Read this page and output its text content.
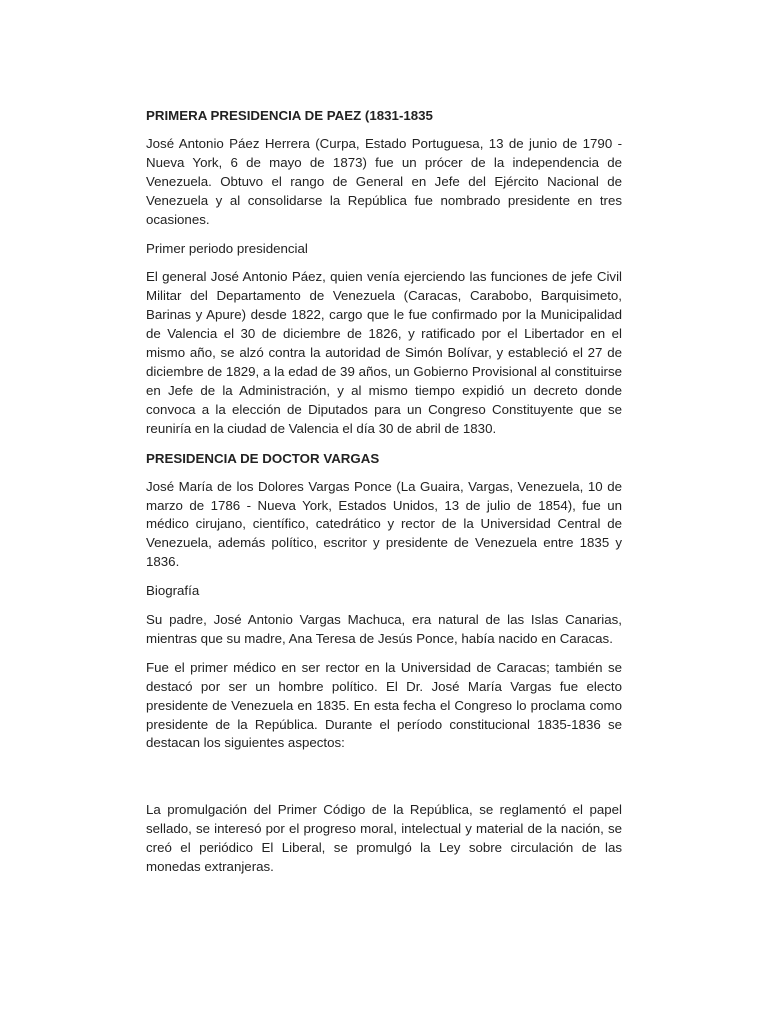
PRIMERA PRESIDENCIA DE PAEZ (1831-1835
José Antonio Páez Herrera (Curpa, Estado Portuguesa, 13 de junio de 1790 - Nueva York, 6 de mayo de 1873) fue un prócer de la independencia de Venezuela. Obtuvo el rango de General en Jefe del Ejército Nacional de Venezuela y al consolidarse la República fue nombrado presidente en tres ocasiones.
Primer periodo presidencial
El general José Antonio Páez, quien venía ejerciendo las funciones de jefe Civil Militar del Departamento de Venezuela (Caracas, Carabobo, Barquisimeto, Barinas y Apure) desde 1822, cargo que le fue confirmado por la Municipalidad de Valencia el 30 de diciembre de 1826, y ratificado por el Libertador en el mismo año, se alzó contra la autoridad de Simón Bolívar, y estableció el 27 de diciembre de 1829, a la edad de 39 años, un Gobierno Provisional al constituirse en Jefe de la Administración, y al mismo tiempo expidió un decreto donde convoca a la elección de Diputados para un Congreso Constituyente que se reuniría en la ciudad de Valencia el día 30 de abril de 1830.
PRESIDENCIA DE DOCTOR VARGAS
José María de los Dolores Vargas Ponce (La Guaira, Vargas, Venezuela, 10 de marzo de 1786 - Nueva York, Estados Unidos, 13 de julio de 1854), fue un médico cirujano, científico, catedrático y rector de la Universidad Central de Venezuela, además político, escritor y presidente de Venezuela entre 1835 y 1836.
Biografía
Su padre, José Antonio Vargas Machuca, era natural de las Islas Canarias, mientras que su madre, Ana Teresa de Jesús Ponce, había nacido en Caracas.
Fue el primer médico en ser rector en la Universidad de Caracas; también se destacó por ser un hombre político. El Dr. José María Vargas fue electo presidente de Venezuela en 1835. En esta fecha el Congreso lo proclama como presidente de la República. Durante el período constitucional 1835-1836 se destacan los siguientes aspectos:
La promulgación del Primer Código de la República, se reglamentó el papel sellado, se interesó por el progreso moral, intelectual y material de la nación, se creó el periódico El Liberal, se promulgó la Ley sobre circulación de las monedas extranjeras.
